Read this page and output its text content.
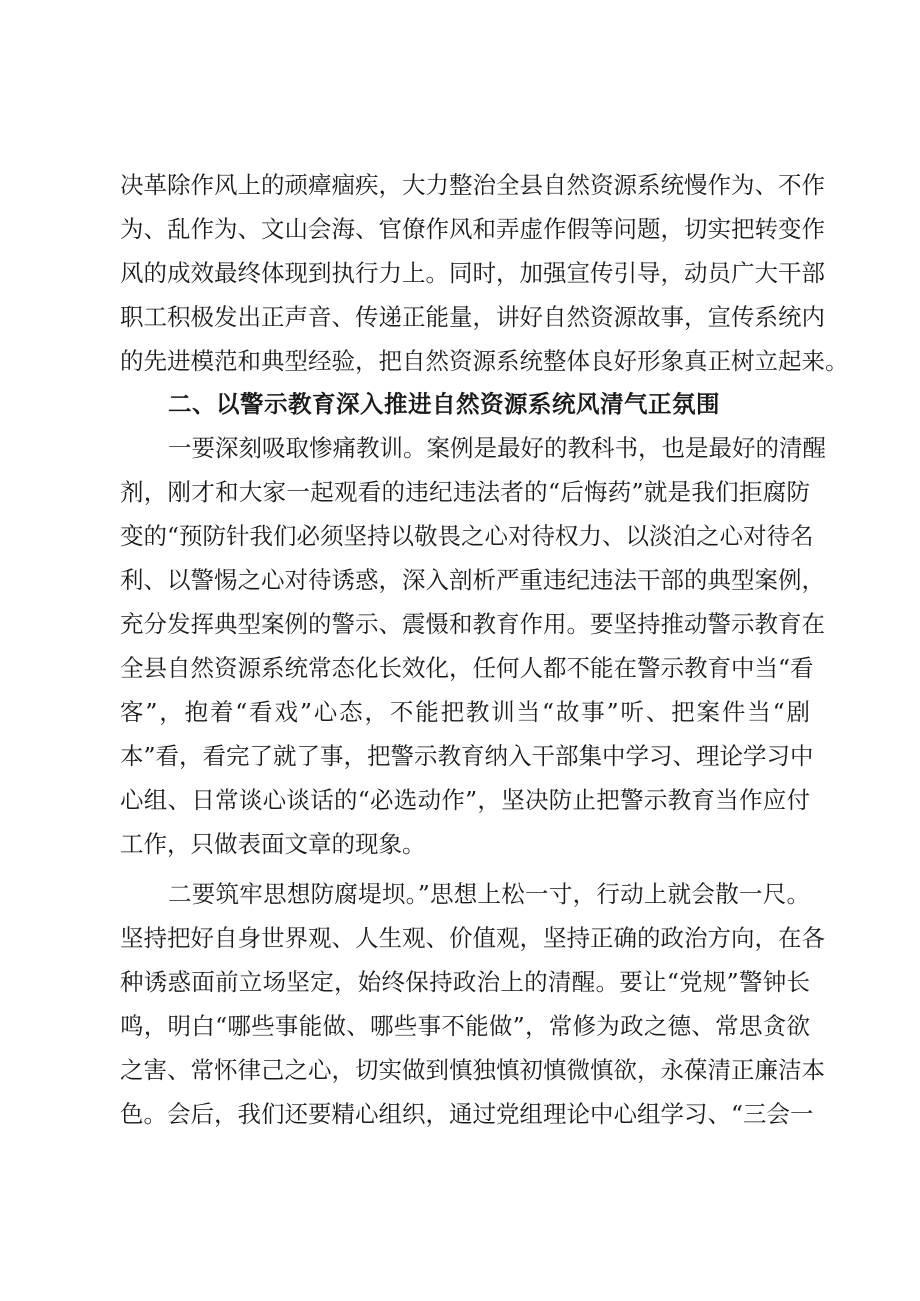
决革除作风上的顽瘴痼疾，大力整治全县自然资源系统慢作为、不作

为、乱作为、文山会海、官僚作风和弄虚作假等问题，切实把转变作

风的成效最终体现到执行力上。同时，加强宣传引导，动员广大干部

职工积极发出正声音、传递正能量，讲好自然资源故事，宣传系统内

的先进模范和典型经验，把自然资源系统整体良好形象真正树立起来。

二、以警示教育深入推进自然资源系统风清气正氛围

一要深刻吸取惨痛教训。案例是最好的教科书，也是最好的清醒

剂，刚才和大家一起观看的违纪违法者的“后悔药”就是我们拒腐防

变的“预防针我们必须坚持以敬畏之心对待权力、以淡泊之心对待名

利、以警惕之心对待诱惑，深入剖析严重违纪违法干部的典型案例，

充分发挥典型案例的警示、震慑和教育作用。要坚持推动警示教育在

全县自然资源系统常态化长效化，任何人都不能在警示教育中当“看

客”，抱着“看戏”心态，不能把教训当“故事”听、把案件当“剧

本”看，看完了就了事，把警示教育纳入干部集中学习、理论学习中

心组、日常谈心谈话的“必选动作”，坚决防止把警示教育当作应付

工作，只做表面文章的现象。

二要筑牢思想防腐堤坝。”思想上松一寸，行动上就会散一尺。

坚持把好自身世界观、人生观、价值观，坚持正确的政治方向，在各

种诱惑面前立场坚定，始终保持政治上的清醒。要让“党规”警钟长

鸣，明白“哪些事能做、哪些事不能做”，常修为政之德、常思贪欲

之害、常怀律己之心，切实做到慎独慎初慎微慎欲，永葆清正廉洁本

色。会后，我们还要精心组织，通过党组理论中心组学习、“三会一
